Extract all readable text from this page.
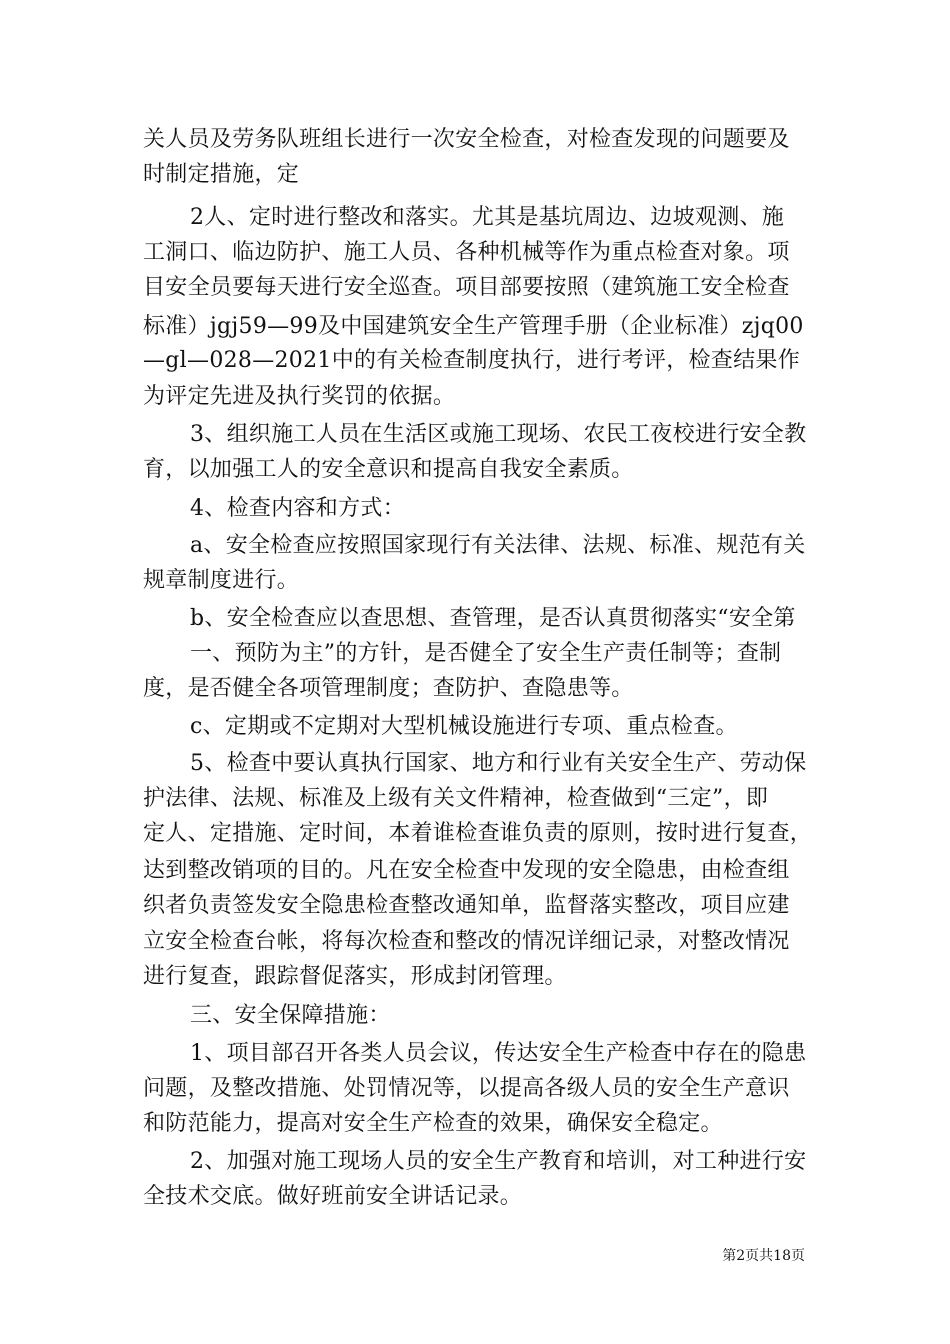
关人员及劳务队班组长进行一次安全检查，对检查发现的问题要及
时制定措施，定
2人、定时进行整改和落实。尤其是基坑周边、边坡观测、施
工洞口、临边防护、施工人员、各种机械等作为重点检查对象。项
目安全员要每天进行安全巡查。项目部要按照（建筑施工安全检查
标准）jgj59—99及中国建筑安全生产管理手册（企业标准）zjq00
—gl—028—2021中的有关检查制度执行，进行考评，检查结果作
为评定先进及执行奖罚的依据。
3、组织施工人员在生活区或施工现场、农民工夜校进行安全教
育，以加强工人的安全意识和提高自我安全素质。
4、检查内容和方式：
a、安全检查应按照国家现行有关法律、法规、标准、规范有关
规章制度进行。
b、安全检查应以查思想、查管理，是否认真贯彻落实“安全第
一、预防为主”的方针，是否健全了安全生产责任制等；查制
度，是否健全各项管理制度；查防护、查隐患等。
c、定期或不定期对大型机械设施进行专项、重点检查。
5、检查中要认真执行国家、地方和行业有关安全生产、劳动保
护法律、法规、标准及上级有关文件精神，检查做到“三定”，即
定人、定措施、定时间，本着谁检查谁负责的原则，按时进行复查，
达到整改销项的目的。凡在安全检查中发现的安全隐患，由检查组
织者负责签发安全隐患检查整改通知单，监督落实整改，项目应建
立安全检查台帐，将每次检查和整改的情况详细记录，对整改情况
进行复查，跟踪督促落实，形成封闭管理。
三、安全保障措施：
1、项目部召开各类人员会议，传达安全生产检查中存在的隐患
问题，及整改措施、处罚情况等，以提高各级人员的安全生产意识
和防范能力，提高对安全生产检查的效果，确保安全稳定。
2、加强对施工现场人员的安全生产教育和培训，对工种进行安
全技术交底。做好班前安全讲话记录。
第2页共18页
